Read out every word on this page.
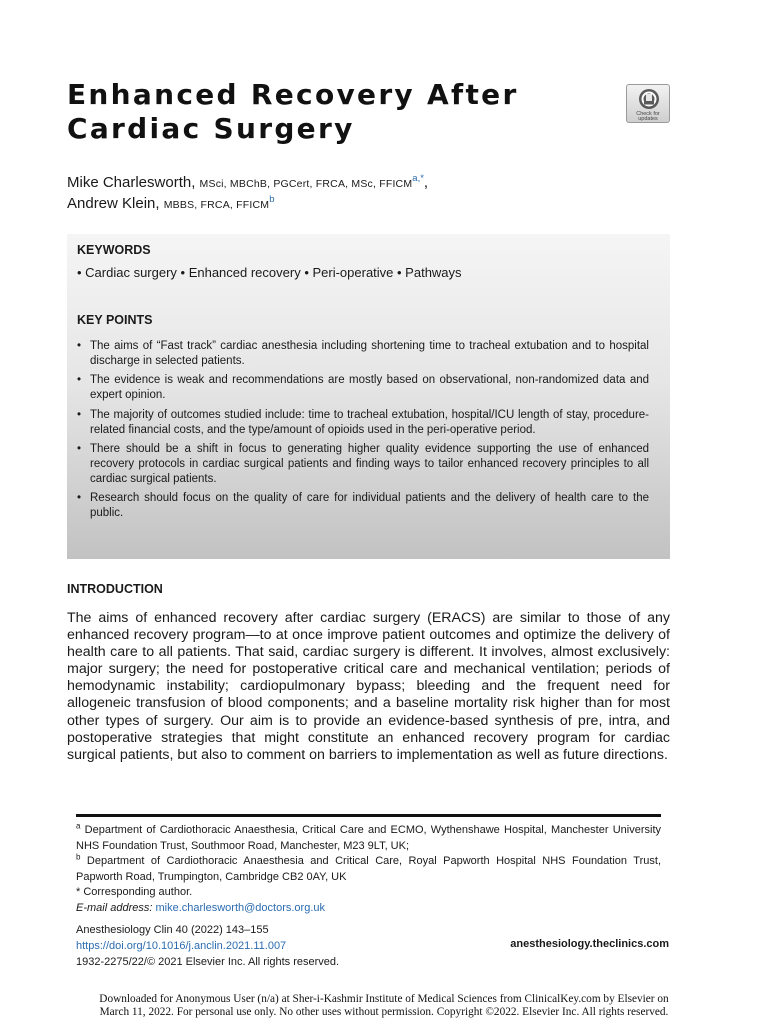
Enhanced Recovery After
Cardiac Surgery	Check for
updates
Mike Charlesworth, MSci, MBChB, PGCert, FRCA, MSc, $FFICM^{a,*}$,
Andrew Klein, MBBS, FRCA, FFICM$^b$
KEYWORDS
• Cardiac surgery • Enhanced recovery • Peri-operative • Pathways
KEY POINTS
• The aims of “Fast track” cardiac anesthesia including shortening time to tracheal extubation and to hospital discharge in selected patients.
• The evidence is weak and recommendations are mostly based on observational, non-randomized data and expert opinion.
• The majority of outcomes studied include: time to tracheal extubation, hospital/ICU length of stay, procedure-related financial costs, and the type/amount of opioids used in the peri-operative period.
• There should be a shift in focus to generating higher quality evidence supporting the use of enhanced recovery protocols in cardiac surgical patients and finding ways to tailor enhanced recovery principles to all cardiac surgical patients.
• Research should focus on the quality of care for individual patients and the delivery of health care to the public.
INTRODUCTION

The aims of enhanced recovery after cardiac surgery (ERACS) are similar to those of any enhanced recovery program—to at once improve patient outcomes and optimize the delivery of health care to all patients. That said, cardiac surgery is different. It involves, almost exclusively: major surgery; the need for postoperative critical care and mechanical ventilation; periods of hemodynamic instability; cardiopulmonary bypass; bleeding and the frequent need for allogeneic transfusion of blood components; and a baseline mortality risk higher than for most other types of surgery. Our aim is to provide an evidence-based synthesis of pre, intra, and postoperative strategies that might constitute an enhanced recovery program for cardiac surgical patients, but also to comment on barriers to implementation as well as future directions.

$^a$ Department of Cardiothoracic Anaesthesia, Critical Care and ECMO, Wythenshawe Hospital, Manchester University NHS Foundation Trust, Southmoor Road, Manchester, M23 9LT, UK;

$^b$ Department of Cardiothoracic Anaesthesia and Critical Care, Royal Papworth Hospital NHS Foundation Trust, Papworth Road, Trumpington, Cambridge CB2 0AY, UK

* Corresponding author.

E-mail address: mike.charlesworth@doctors.org.uk

Anesthesiology Clin 40 (2022) 143–155
https://doi.org/10.1016/j.anclin.2021.11.007
1932-2275/22/© 2021 Elsevier Inc. All rights reserved.
anesthesiology.theclinics.com
Downloaded for Anonymous User (n/a) at Sher-i-Kashmir Institute of Medical Sciences from ClinicalKey.com by Elsevier on
March 11, 2022. For personal use only. No other uses without permission. Copyright ©2022. Elsevier Inc. All rights reserved.
